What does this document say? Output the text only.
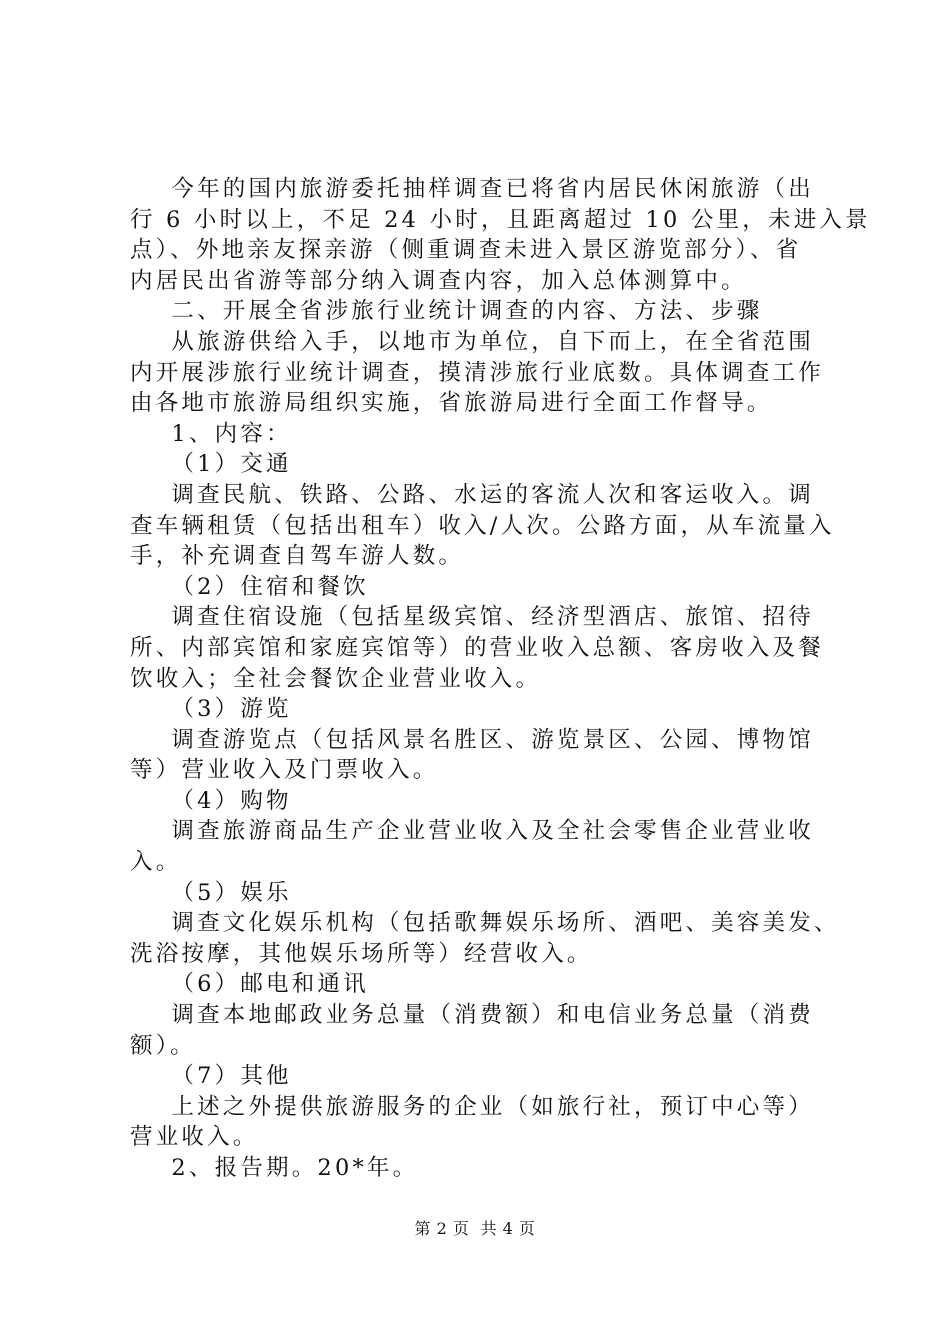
今年的国内旅游委托抽样调查已将省内居民休闲旅游（出
行 6 小时以上，不足 24 小时，且距离超过 10 公里，未进入景
点）、外地亲友探亲游（侧重调查未进入景区游览部分）、省
内居民出省游等部分纳入调查内容，加入总体测算中。
二、开展全省涉旅行业统计调查的内容、方法、步骤
从旅游供给入手，以地市为单位，自下而上，在全省范围
内开展涉旅行业统计调查，摸清涉旅行业底数。具体调查工作
由各地市旅游局组织实施，省旅游局进行全面工作督导。
1、内容：
（1）交通
调查民航、铁路、公路、水运的客流人次和客运收入。调
查车辆租赁（包括出租车）收入/人次。公路方面，从车流量入
手，补充调查自驾车游人数。
（2）住宿和餐饮
调查住宿设施（包括星级宾馆、经济型酒店、旅馆、招待
所、内部宾馆和家庭宾馆等）的营业收入总额、客房收入及餐
饮收入；全社会餐饮企业营业收入。
（3）游览
调查游览点（包括风景名胜区、游览景区、公园、博物馆
等）营业收入及门票收入。
（4）购物
调查旅游商品生产企业营业收入及全社会零售企业营业收
入。
（5）娱乐
调查文化娱乐机构（包括歌舞娱乐场所、酒吧、美容美发、
洗浴按摩，其他娱乐场所等）经营收入。
（6）邮电和通讯
调查本地邮政业务总量（消费额）和电信业务总量（消费
额）。
（7）其他
上述之外提供旅游服务的企业（如旅行社，预订中心等）
营业收入。
2、报告期。20*年。
第 2 页  共 4 页
